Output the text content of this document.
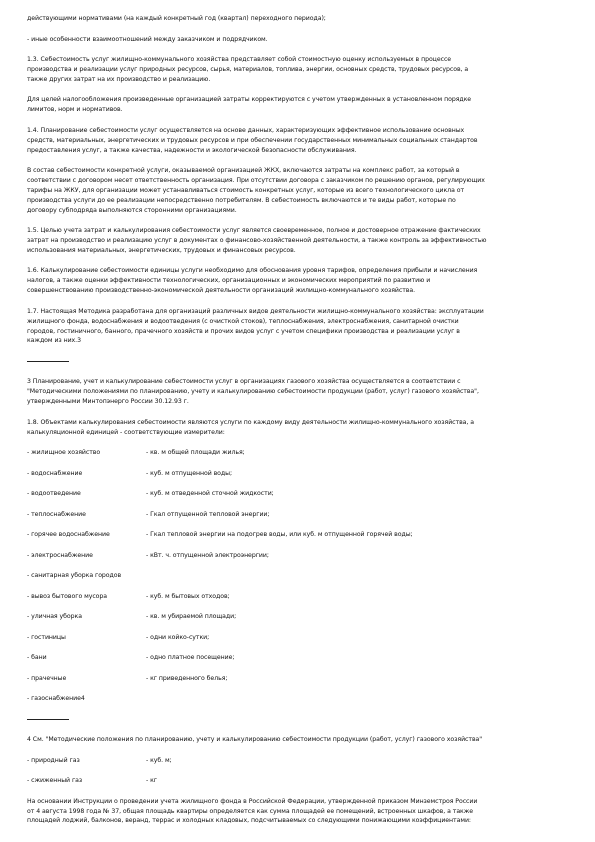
действующими нормативами (на каждый конкретный год (квартал) переходного периода);
- иные особенности взаимоотношений между заказчиком и подрядчиком.
1.3. Себестоимость услуг жилищно-коммунального хозяйства представляет собой стоимостную оценку используемых в процессе
производства и реализации услуг природных ресурсов, сырья, материалов, топлива, энергии, основных средств, трудовых ресурсов, а
также других затрат на их производство и реализацию.
Для целей налогообложения произведенные организацией затраты корректируются с учетом утвержденных в установленном порядке
лимитов, норм и нормативов.
1.4. Планирование себестоимости услуг осуществляется на основе данных, характеризующих эффективное использование основных
средств, материальных, энергетических и трудовых ресурсов и при обеспечении государственных минимальных социальных стандартов
предоставления услуг, а также качества, надежности и экологической безопасности обслуживания.
В состав себестоимости конкретной услуги, оказываемой организацией ЖКХ, включаются затраты на комплекс работ, за который в
соответствии с договором несет ответственность организация. При отсутствии договора с заказчиком по решению органов, регулирующих
тарифы на ЖКУ, для организации может устанавливаться стоимость конкретных услуг, которые из всего технологического цикла от
производства услуги до ее реализации непосредственно потребителям. В себестоимость включаются и те виды работ, которые по
договору субподряда выполняются сторонними организациями.
1.5. Целью учета затрат и калькулирования себестоимости услуг является своевременное, полное и достоверное отражение фактических
затрат на производство и реализацию услуг в документах о финансово-хозяйственной деятельности, а также контроль за эффективностью
использования материальных, энергетических, трудовых и финансовых ресурсов.
1.6. Калькулирование себестоимости единицы услуги необходимо для обоснования уровня тарифов, определения прибыли и начисления
налогов, а также оценки эффективности технологических, организационных и экономических мероприятий по развитию и
совершенствованию производственно-экономической деятельности организаций жилищно-коммунального хозяйства.
1.7. Настоящая Методика разработана для организаций различных видов деятельности жилищно-коммунального хозяйства: эксплуатации
жилищного фонда, водоснабжения и водоотведения (с очисткой стоков), теплоснабжения, электроснабжения, санитарной очистки
городов, гостиничного, банного, прачечного хозяйств и прочих видов услуг с учетом специфики производства и реализации услуг в
каждом из них.3
3 Планирование, учет и калькулирование себестоимости услуг в организациях газового хозяйства осуществляется в соответствии с
"Методическими положениями по планированию, учету и калькулированию себестоимости продукции (работ, услуг) газового хозяйства",
утвержденными Минтопэнерго России 30.12.93 г.
1.8. Объектами калькулирования себестоимости являются услуги по каждому виду деятельности жилищно-коммунального хозяйства, а
калькуляционной единицей - соответствующие измерители:
- жилищное хозяйство	- кв. м общей площади жилья;
- водоснабжение	- куб. м отпущенной воды;
- водоотведение	- куб. м отведенной сточной жидкости;
- теплоснабжение	- Гкал отпущенной тепловой энергии;
- горячее водоснабжение	- Гкал тепловой энергии на подогрев воды, или куб. м отпущенной горячей воды;
- электроснабжение	- кВт. ч. отпущенной электроэнергии;
- санитарная уборка городов
- вывоз бытового мусора	- куб. м бытовых отходов;
- уличная уборка	- кв. м убираемой площади;
- гостиницы	- одни койко-сутки;
- бани	- одно платное посещение;
- прачечные	- кг приведенного белья;
- газоснабжение4
4 См. "Методические положения по планированию, учету и калькулированию себестоимости продукции (работ, услуг) газового хозяйства"
- природный газ	- куб. м;
- сжиженный газ	- кг
На основании Инструкции о проведении учета жилищного фонда в Российской Федерации, утвержденной приказом Минземстроя России
от 4 августа 1998 года № 37, общая площадь квартиры определяется как сумма площадей ее помещений, встроенных шкафов, а также
площадей лоджий, балконов, веранд, террас и холодных кладовых, подсчитываемых со следующими понижающими коэффициентами:
